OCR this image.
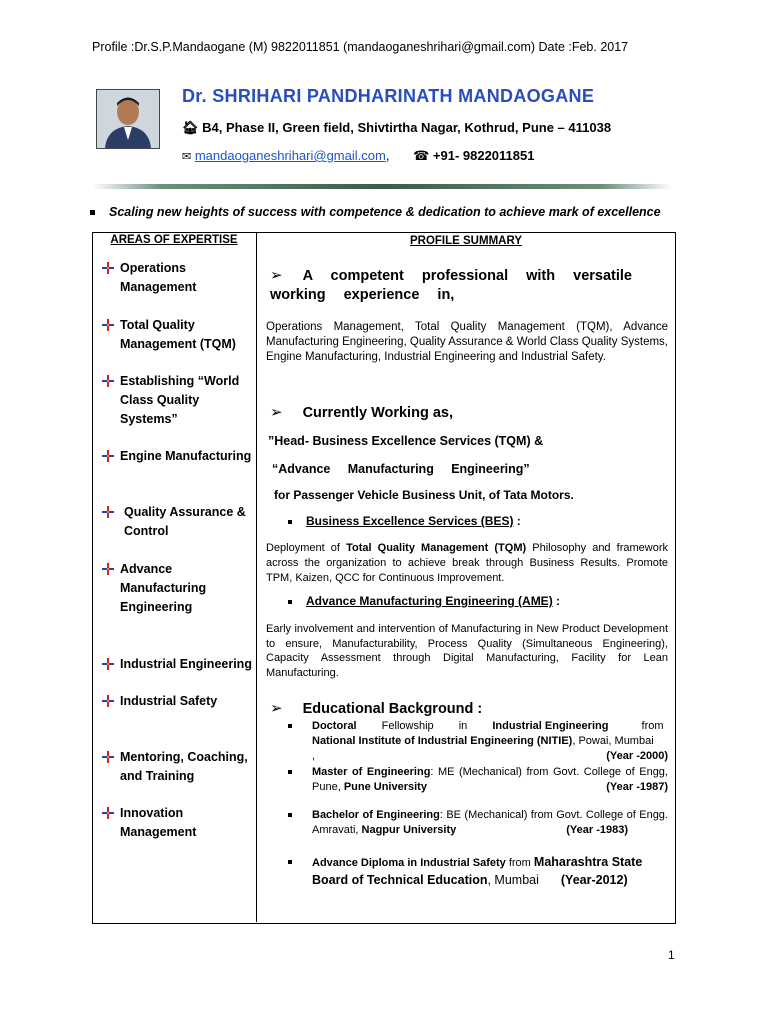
Profile :Dr.S.P.Mandaogane (M) 9822011851 (mandaoganeshrihari@gmail.com) Date :Feb. 2017
Dr. SHRIHARI PANDHARINATH MANDAOGANE
🏠︎ B4, Phase II, Green field, Shivtirtha Nagar, Kothrud, Pune – 411038
✉︎ mandaoganeshrihari@gmail.com, ☎︎ +91- 9822011851
Scaling new heights of success with competence & dedication to achieve mark of excellence
AREAS OF EXPERTISE	PROFILE SUMMARY
Operations Management
Total Quality Management (TQM)
Establishing “World Class Quality Systems”
Engine Manufacturing
Quality Assurance & Control
Advance Manufacturing Engineering
Industrial Engineering
Industrial Safety
Mentoring, Coaching, and Training
Innovation Management
➢ A competent professional with versatile working experience in,
Operations Management, Total Quality Management (TQM), Advance Manufacturing Engineering, Quality Assurance & World Class Quality Systems, Engine Manufacturing, Industrial Engineering and Industrial Safety.
➢ Currently Working as,
”Head- Business Excellence Services (TQM) &
“Advance     Manufacturing     Engineering”
for Passenger Vehicle Business Unit, of Tata Motors.
Business Excellence Services (BES) :
Deployment of Total Quality Management (TQM) Philosophy and framework across the organization to achieve break through Business Results. Promote TPM, Kaizen, QCC for Continuous Improvement.
Advance Manufacturing Engineering (AME) :
Early involvement and intervention of Manufacturing in New Product Development to ensure, Manufacturability, Process Quality (Simultaneous Engineering), Capacity Assessment through Digital Manufacturing, Facility for Lean Manufacturing.
➢ Educational Background :
Doctoral Fellowship in Industrial Engineering from
National Institute of Industrial Engineering (NITIE), Powai, Mumbai
,	(Year -2000)
Master of Engineering: ME (Mechanical) from Govt. College of Engg, Pune, Pune University	(Year -1987)
Bachelor of Engineering: BE (Mechanical) from Govt. College of Engg. Amravati, Nagpur University	(Year -1983)
Advance Diploma in Industrial Safety from Maharashtra State Board of Technical Education, Mumbai (Year-2012)
1
